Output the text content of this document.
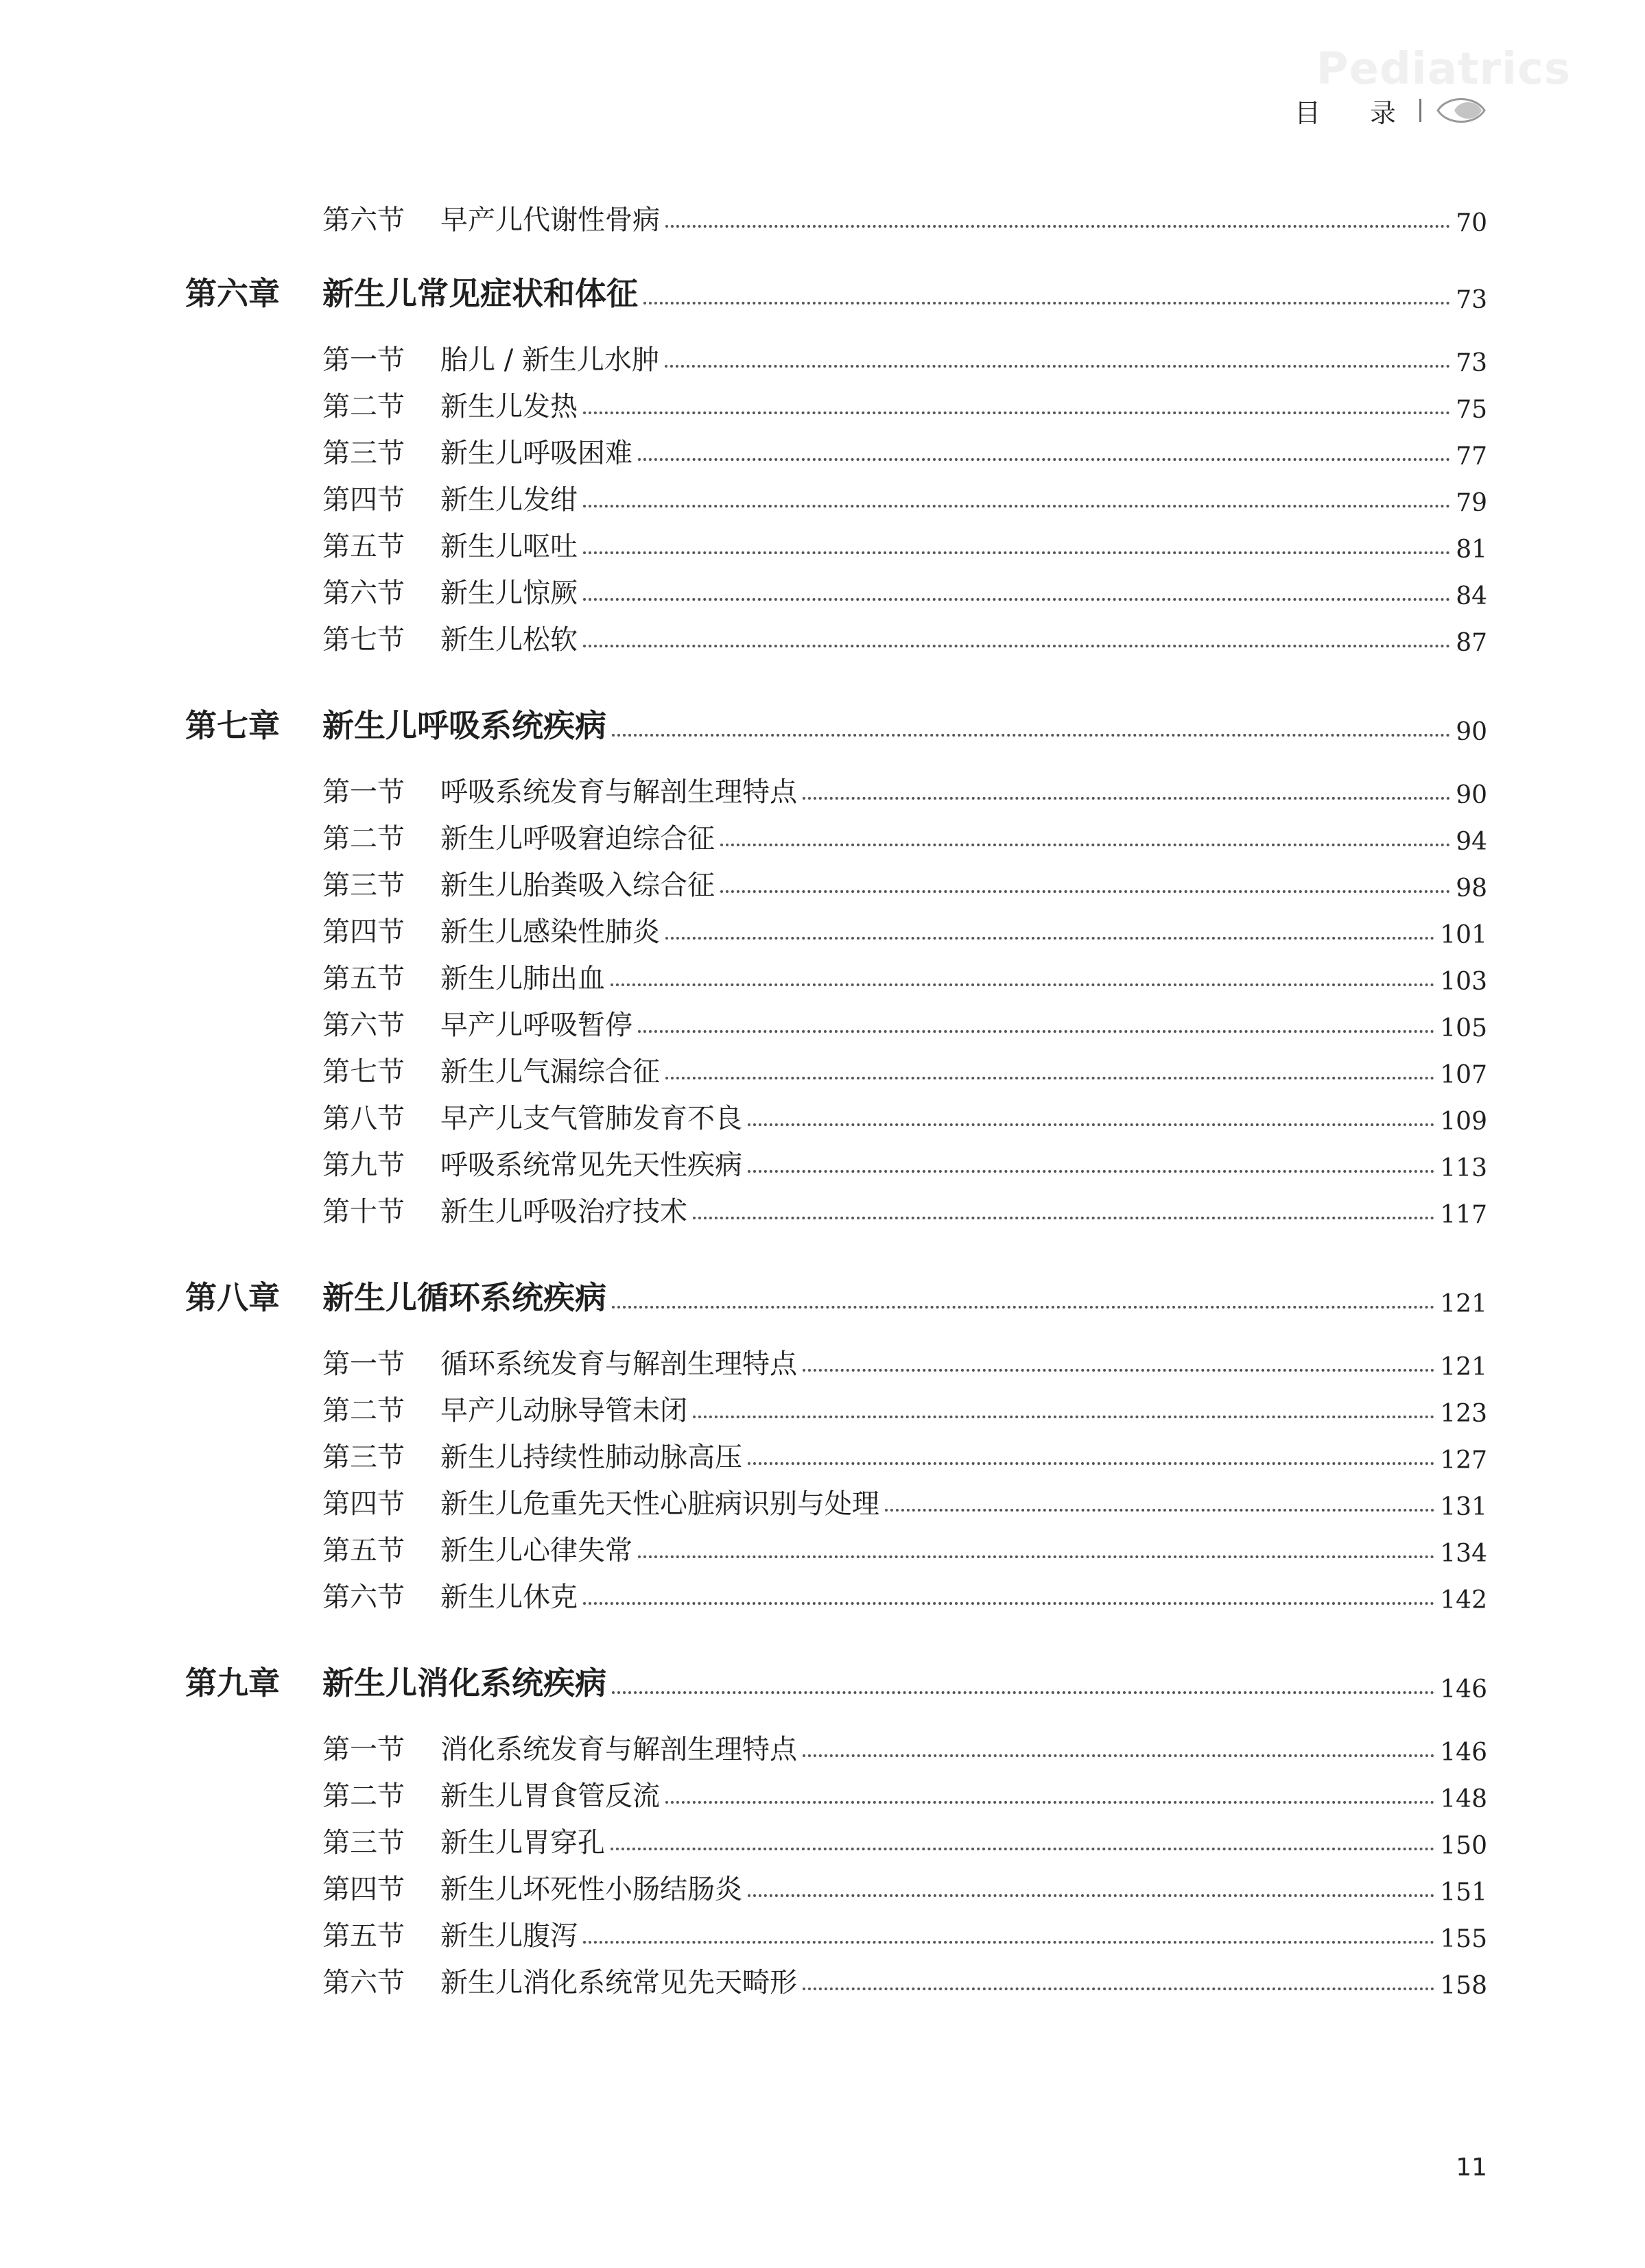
Pediatrics
目 录
第六节 早产儿代谢性骨病	70
第六章 新生儿常见症状和体征	73
第一节 胎儿 / 新生儿水肿	73
第二节 新生儿发热	75
第三节 新生儿呼吸困难	77
第四节 新生儿发绀	79
第五节 新生儿呕吐	81
第六节 新生儿惊厥	84
第七节 新生儿松软	87
第七章 新生儿呼吸系统疾病	90
第一节 呼吸系统发育与解剖生理特点	90
第二节 新生儿呼吸窘迫综合征	94
第三节 新生儿胎粪吸入综合征	98
第四节 新生儿感染性肺炎	101
第五节 新生儿肺出血	103
第六节 早产儿呼吸暂停	105
第七节 新生儿气漏综合征	107
第八节 早产儿支气管肺发育不良	109
第九节 呼吸系统常见先天性疾病	113
第十节 新生儿呼吸治疗技术	117
第八章 新生儿循环系统疾病	121
第一节 循环系统发育与解剖生理特点	121
第二节 早产儿动脉导管未闭	123
第三节 新生儿持续性肺动脉高压	127
第四节 新生儿危重先天性心脏病识别与处理	131
第五节 新生儿心律失常	134
第六节 新生儿休克	142
第九章 新生儿消化系统疾病	146
第一节 消化系统发育与解剖生理特点	146
第二节 新生儿胃食管反流	148
第三节 新生儿胃穿孔	150
第四节 新生儿坏死性小肠结肠炎	151
第五节 新生儿腹泻	155
第六节 新生儿消化系统常见先天畸形	158
11
